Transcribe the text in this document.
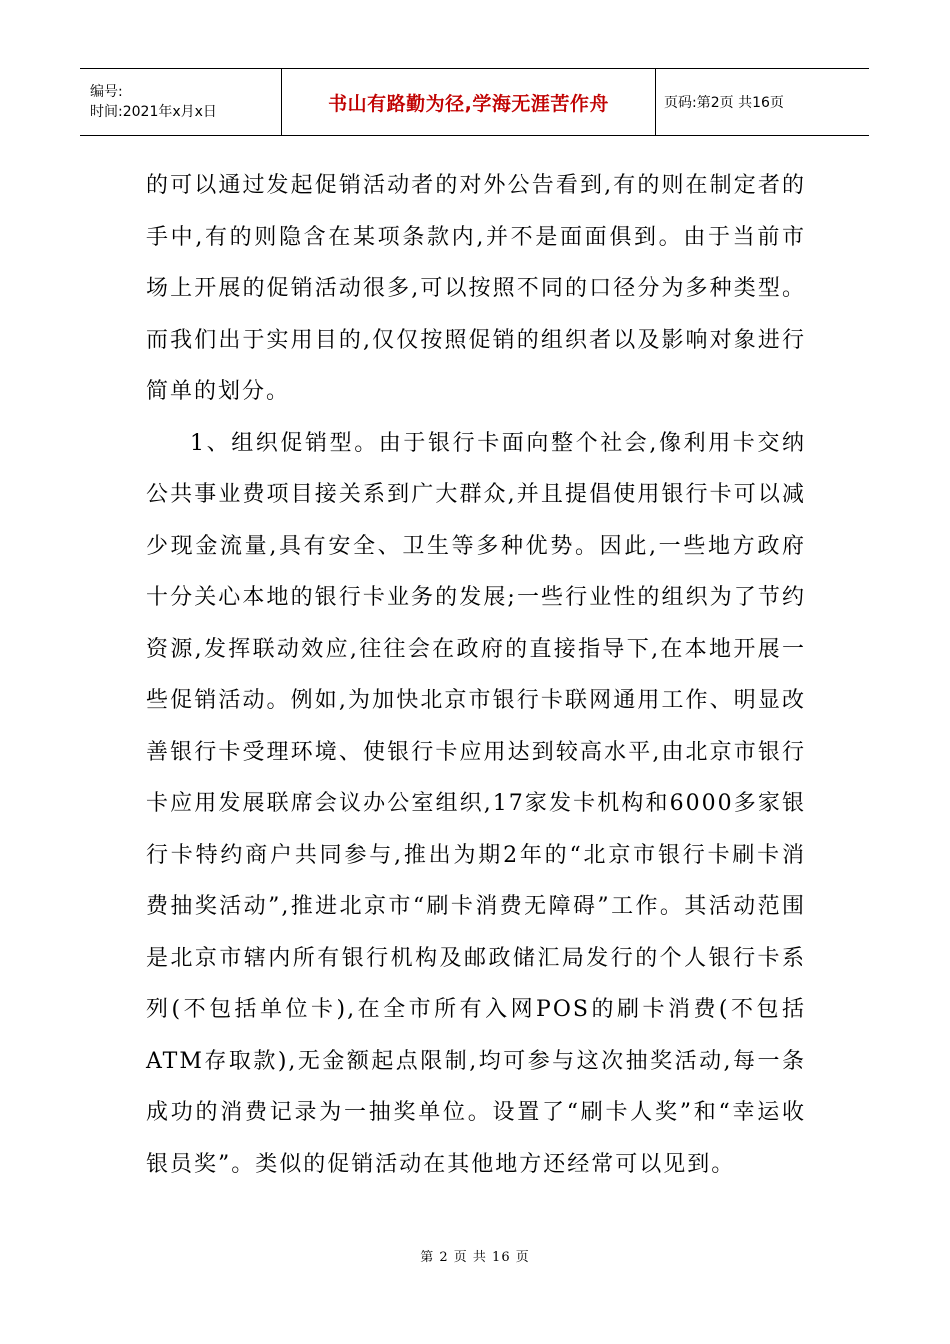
编号:
时间:2021年x月x日	书山有路勤为径,学海无涯苦作舟	页码:第2页 共16页

的可以通过发起促销活动者的对外公告看到,有的则在制定者的手中,有的则隐含在某项条款内,并不是面面俱到。由于当前市场上开展的促销活动很多,可以按照不同的口径分为多种类型。而我们出于实用目的,仅仅按照促销的组织者以及影响对象进行简单的划分。

1、组织促销型。由于银行卡面向整个社会,像利用卡交纳公共事业费项目接关系到广大群众,并且提倡使用银行卡可以减少现金流量,具有安全、卫生等多种优势。因此,一些地方政府十分关心本地的银行卡业务的发展;一些行业性的组织为了节约资源,发挥联动效应,往往会在政府的直接指导下,在本地开展一些促销活动。例如,为加快北京市银行卡联网通用工作、明显改善银行卡受理环境、使银行卡应用达到较高水平,由北京市银行卡应用发展联席会议办公室组织,17家发卡机构和6000多家银行卡特约商户共同参与,推出为期2年的“北京市银行卡刷卡消费抽奖活动”,推进北京市“刷卡消费无障碍”工作。其活动范围是北京市辖内所有银行机构及邮政储汇局发行的个人银行卡系列(不包括单位卡),在全市所有入网POS的刷卡消费(不包括ATM存取款),无金额起点限制,均可参与这次抽奖活动,每一条成功的消费记录为一抽奖单位。设置了“刷卡人奖”和“幸运收银员奖”。类似的促销活动在其他地方还经常可以见到。

第 2 页 共 16 页
